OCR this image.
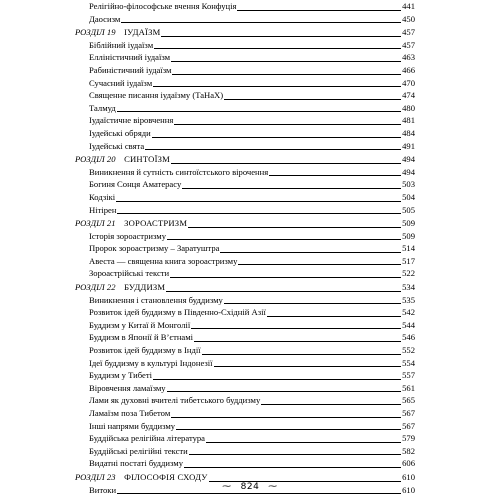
Релігійно-філософське вчення Конфуція	441
Даосизм	450
РОЗДІЛ 19  ІУДАЇЗМ	457
Біблійний іудаїзм	457
Елліністичний іудаїзм	463
Рабиністичний іудаїзм	466
Сучасний іудаїзм	470
Священне писання іудаїзму (ТаНаХ)	474
Талмуд	480
Іудаїстичне віровчення	481
Іудейські обряди	484
Іудейські свята	491
РОЗДІЛ 20  СИНТОЇЗМ	494
Виникнення й сутність синтоїстського вірочення	494
Богиня Сонця Аматерасу	503
Кодзікі	504
Нітірен	505
РОЗДІЛ 21  ЗОРОАСТРИЗМ	509
Історія зороастризму	509
Пророк зороастризму – Заратуштра	514
Авеста — священна книга зороастризму	517
Зороастрійські тексти	522
РОЗДІЛ 22  БУДДИЗМ	534
Виникнення і становлення буддизму	535
Розвиток ідей буддизму в Південно-Східній Азії	542
Буддизм у Китаї й Монголії	544
Буддизм в Японії й В’єтнамі	546
Розвиток ідей буддизму в Індії	552
Ідеї буддизму в культурі Індонезії	554
Буддизм у Тибеті	557
Віровчення ламаїзму	561
Лами як духовні вчителі тибетського буддизму	565
Ламаїзм поза Тибетом	567
Інші напрями буддизму	567
Буддійська релігійна література	579
Буддійські релігійні тексти	582
Видатні постаті буддизму	606
РОЗДІЛ 23  ФІЛОСОФІЯ СХОДУ	610
Витоки	610
~ 824 ~
